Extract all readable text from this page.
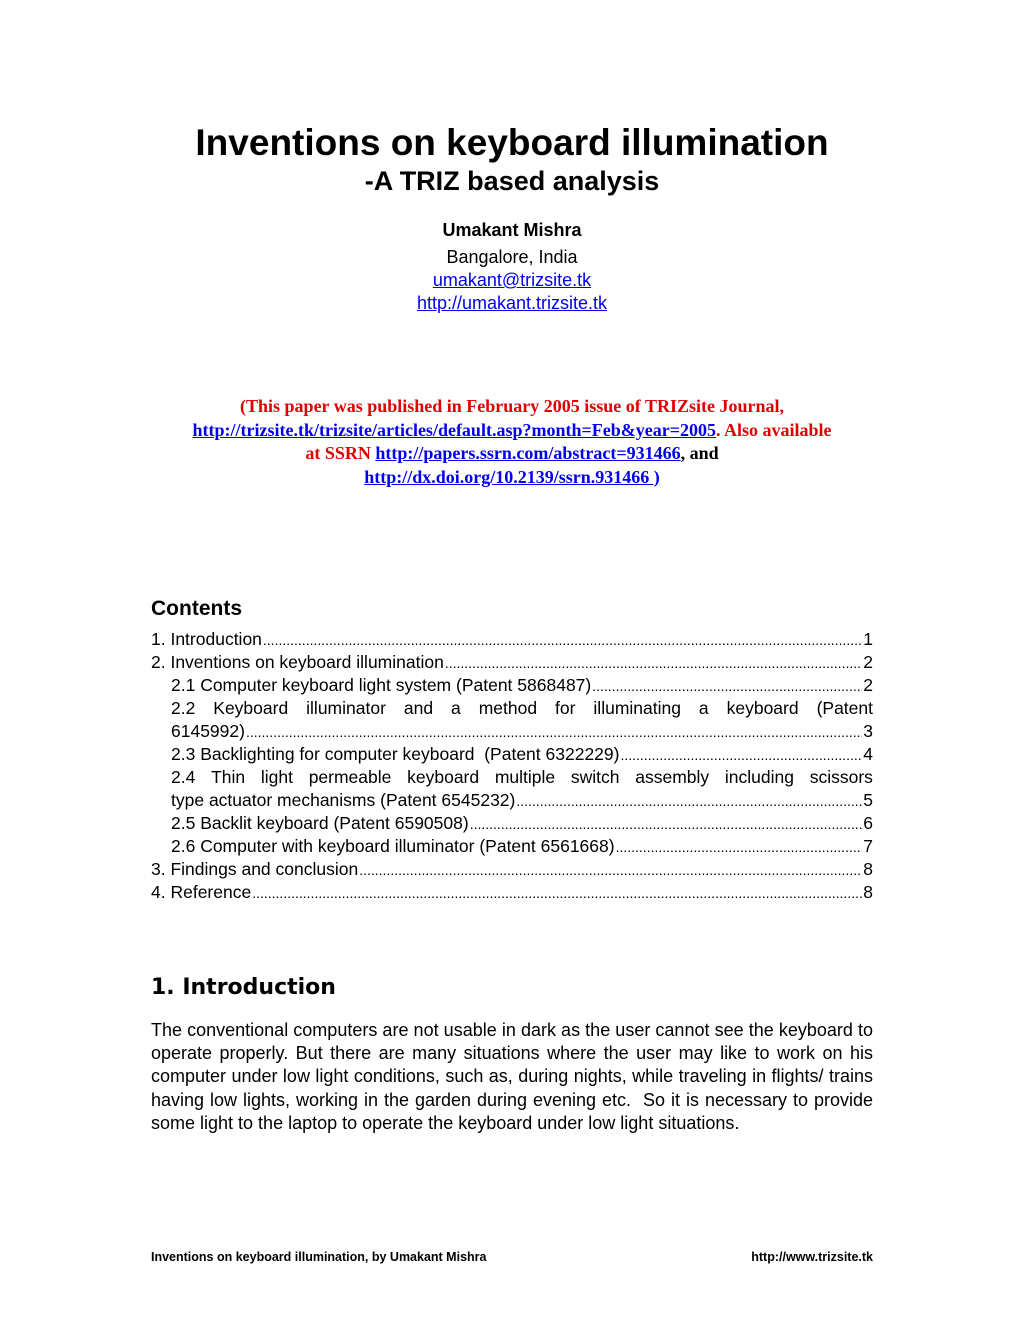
Inventions on keyboard illumination
-A TRIZ based analysis
Umakant Mishra
Bangalore, India
umakant@trizsite.tk
http://umakant.trizsite.tk
(This paper was published in February 2005 issue of TRIZsite Journal,
http://trizsite.tk/trizsite/articles/default.asp?month=Feb&year=2005. Also available
at SSRN http://papers.ssrn.com/abstract=931466, and
http://dx.doi.org/10.2139/ssrn.931466 )
Contents
1. Introduction .....	1
2. Inventions on keyboard illumination .....	2
2.1 Computer keyboard light system (Patent 5868487) .....	2
2.2 Keyboard illuminator and a method for illuminating a keyboard (Patent
6145992) .....	3
2.3 Backlighting for computer keyboard  (Patent 6322229) .....	4
2.4 Thin light permeable keyboard multiple switch assembly including scissors
type actuator mechanisms (Patent 6545232) .....	5
2.5 Backlit keyboard (Patent 6590508) .....	6
2.6 Computer with keyboard illuminator (Patent 6561668) .....	7
3. Findings and conclusion .....	8
4. Reference .....	8
1. Introduction
The conventional computers are not usable in dark as the user cannot see the keyboard to operate properly. But there are many situations where the user may like to work on his computer under low light conditions, such as, during nights, while traveling in flights/ trains having low lights, working in the garden during evening etc.  So it is necessary to provide some light to the laptop to operate the keyboard under low light situations.
Inventions on keyboard illumination, by Umakant Mishra	http://www.trizsite.tk
